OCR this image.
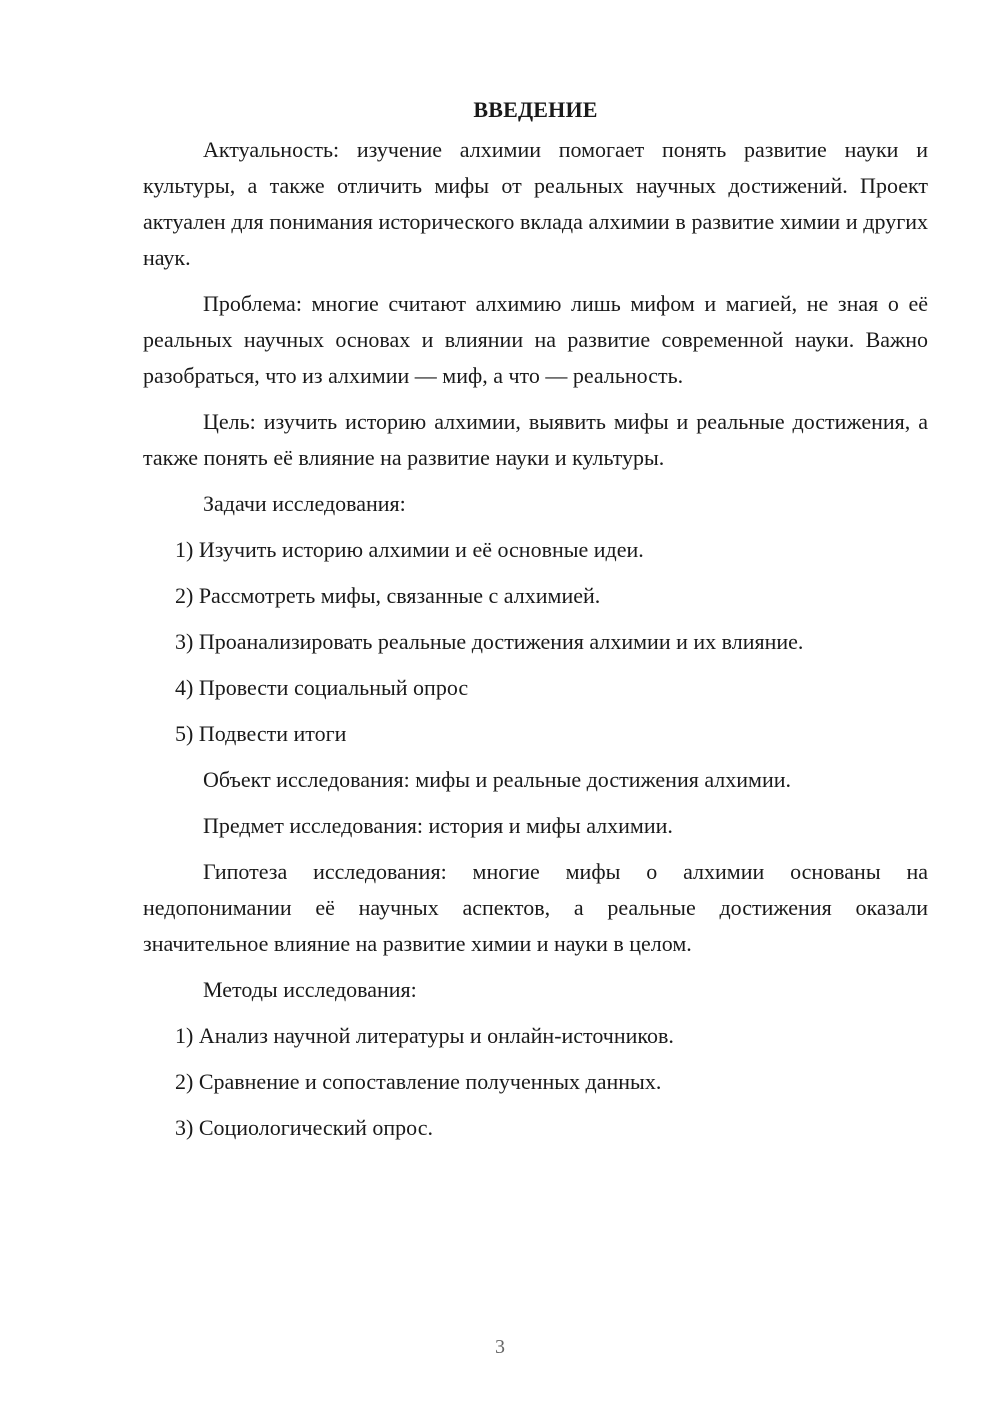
ВВЕДЕНИЕ

Актуальность: изучение алхимии помогает понять развитие науки и культуры, а также отличить мифы от реальных научных достижений. Проект актуален для понимания исторического вклада алхимии в развитие химии и других наук.

Проблема: многие считают алхимию лишь мифом и магией, не зная о её реальных научных основах и влиянии на развитие современной науки. Важно разобраться, что из алхимии — миф, а что — реальность.

Цель: изучить историю алхимии, выявить мифы и реальные достижения, а также понять её влияние на развитие науки и культуры.

Задачи исследования:
1) Изучить историю алхимии и её основные идеи.
2) Рассмотреть мифы, связанные с алхимией.
3) Проанализировать реальные достижения алхимии и их влияние.
4) Провести социальный опрос
5) Подвести итоги
Объект исследования: мифы и реальные достижения алхимии.
Предмет исследования: история и мифы алхимии.

Гипотеза исследования: многие мифы о алхимии основаны на недопонимании её научных аспектов, а реальные достижения оказали значительное влияние на развитие химии и науки в целом.

Методы исследования:
1) Анализ научной литературы и онлайн-источников.
2) Сравнение и сопоставление полученных данных.
3) Социологический опрос.
3
